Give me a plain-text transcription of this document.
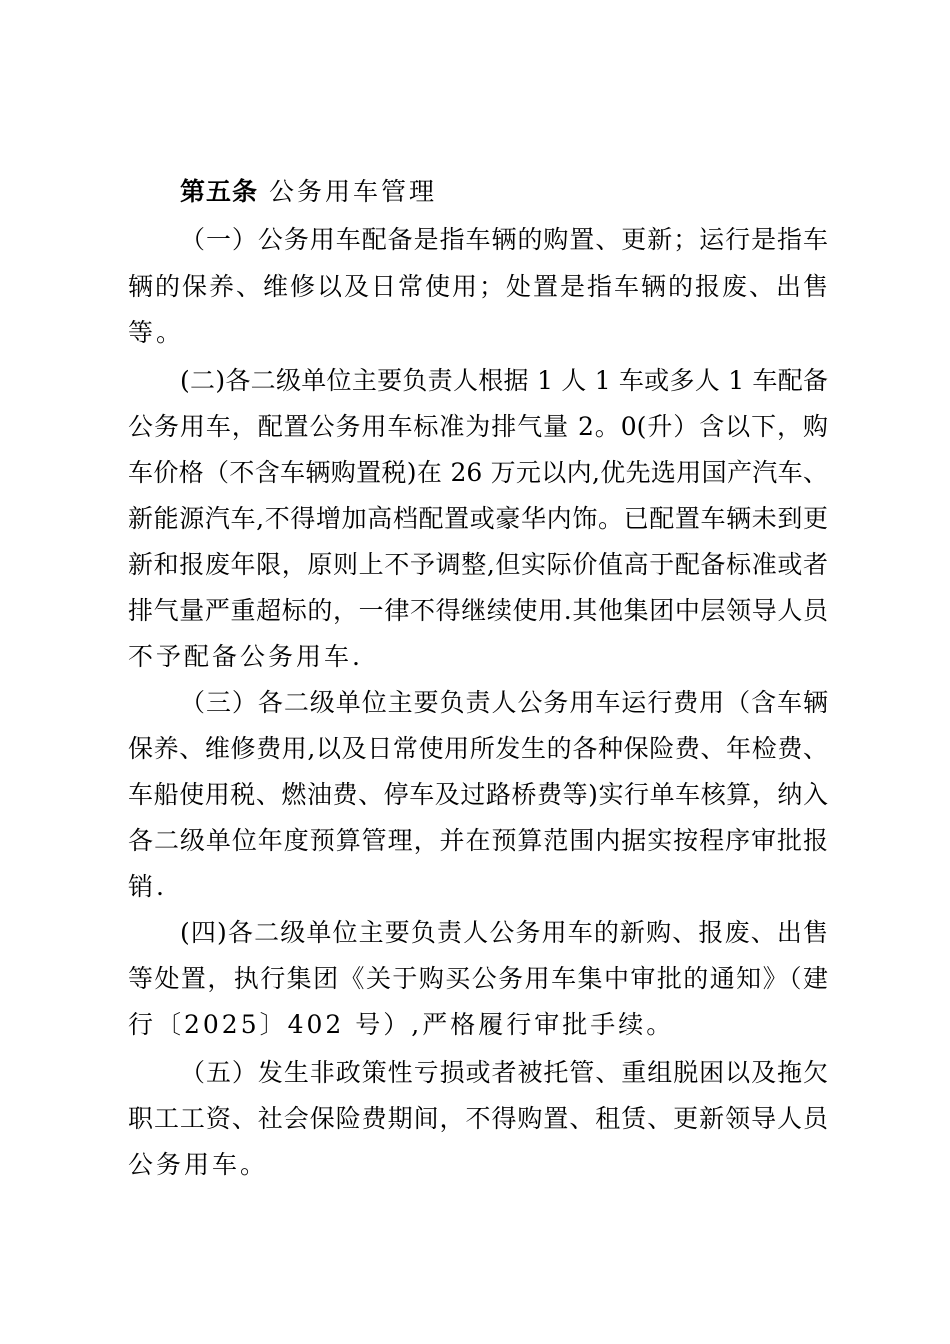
第五条 公务用车管理
（一）公务用车配备是指车辆的购置、更新；运行是指车
辆的保养、维修以及日常使用；处置是指车辆的报废、出售
等。
(二)各二级单位主要负责人根据 1 人 1 车或多人 1 车配备
公务用车，配置公务用车标准为排气量 2。0(升）含以下，购
车价格（不含车辆购置税)在 26 万元以内,优先选用国产汽车、
新能源汽车,不得增加高档配置或豪华内饰。已配置车辆未到更
新和报废年限，原则上不予调整,但实际价值高于配备标准或者
排气量严重超标的，一律不得继续使用.其他集团中层领导人员
不予配备公务用车.
（三）各二级单位主要负责人公务用车运行费用（含车辆
保养、维修费用,以及日常使用所发生的各种保险费、年检费、
车船使用税、燃油费、停车及过路桥费等)实行单车核算，纳入
各二级单位年度预算管理，并在预算范围内据实按程序审批报
销.
(四)各二级单位主要负责人公务用车的新购、报废、出售
等处置，执行集团《关于购买公务用车集中审批的通知》（建
行〔2025〕402 号）,严格履行审批手续。
（五）发生非政策性亏损或者被托管、重组脱困以及拖欠
职工工资、社会保险费期间，不得购置、租赁、更新领导人员
公务用车。
